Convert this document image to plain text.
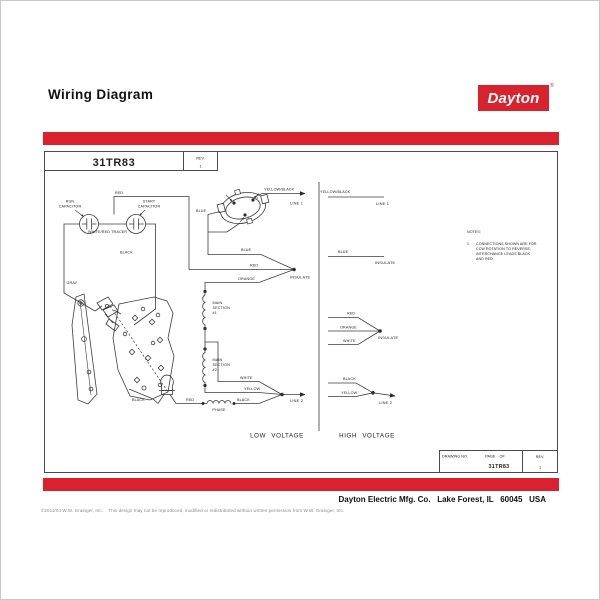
Wiring Diagram	Dayton
®
31TR83	REV.
1
RUN
CAPACITOR
START
CAPACITOR
WHITE/RED TRACER
GRAY
RED
BLACK
3
2
1
YELLOW/BLACK
LINE 1
BLUE
BLUE
RED
ORANGE	INSULATE
MAIN
SECTION
#1
WHITE
MAIN
SECTION
#2
YELLOW
LINE 2
BLACK	RED
PHASE
BLACK
YELLOW/BLACK
LINE 1
BLUE
INSULATE
RED
ORANGE
WHITE
INSULATE
BLACK
YELLOW
LINE 2
NOTES:
1. CONNECTIONS SHOWN ARE FOR
CCW ROTATION TO REVERSE,
INTERCHANGE LEADS BLACK
AND RED.
LOW VOLTAGE	HIGH VOLTAGE
DRAWING NO.	PAGE OF
31TR83
REV.
1
Dayton Electric Mfg. Co.   Lake Forest, IL   60045   USA
©2011/04 W.W. Grainger, Inc.    This design may not be reproduced, modified or redistributed without written permission from W.W. Grainger, Inc.
